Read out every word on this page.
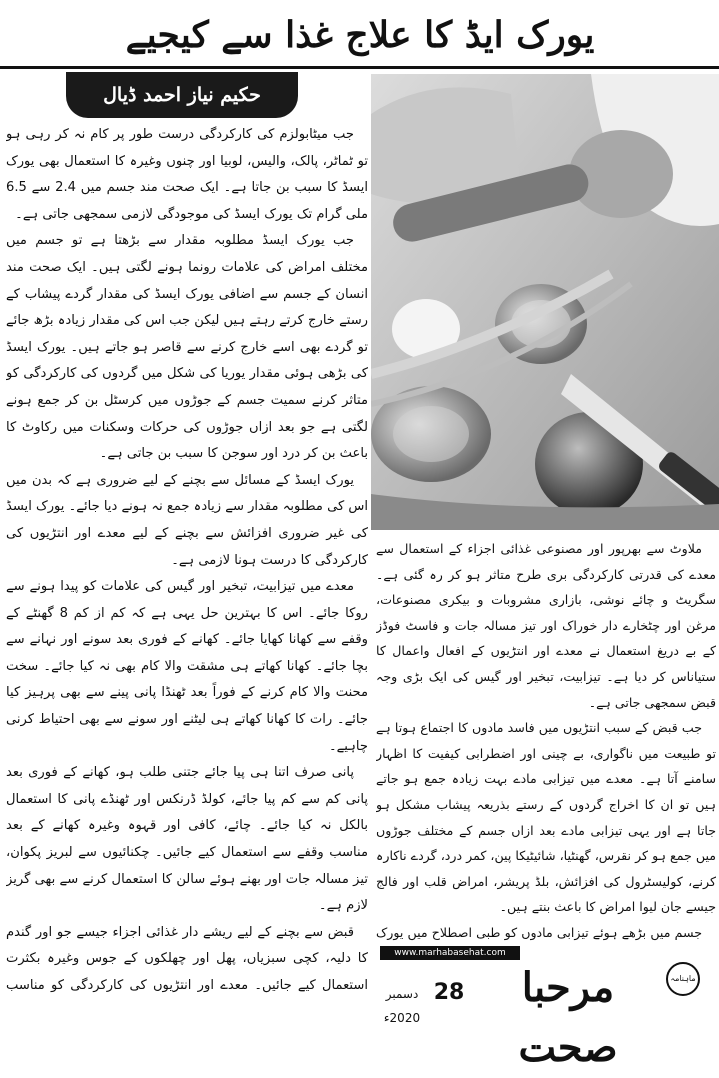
یورک ایڈ کا علاج غذا سے کیجیے
حکیم نیاز احمد ڈیال

جب میٹابولزم کی کارکردگی درست طور پر کام نہ کر رہی ہو تو ٹماٹر، پالک، والیس، لوبیا اور چنوں وغیرہ کا استعمال بھی یورک ایسڈ کا سبب بن جاتا ہے۔ ایک صحت مند جسم میں 2.4 سے 6.5 ملی گرام تک یورک ایسڈ کی موجودگی لازمی سمجھی جاتی ہے۔

جب یورک ایسڈ مطلوبہ مقدار سے بڑھتا ہے تو جسم میں مختلف امراض کی علامات رونما ہونے لگتی ہیں۔ ایک صحت مند انسان کے جسم سے اضافی یورک ایسڈ کی مقدار گردے پیشاب کے رستے خارج کرتے رہتے ہیں لیکن جب اس کی مقدار زیادہ بڑھ جائے تو گردے بھی اسے خارج کرنے سے قاصر ہو جاتے ہیں۔ یورک ایسڈ کی بڑھی ہوئی مقدار یوریا کی شکل میں گردوں کی کارکردگی کو متاثر کرنے سمیت جسم کے جوڑوں میں کرسٹل بن کر جمع ہونے لگتی ہے جو بعد ازاں جوڑوں کی حرکات وسکنات میں رکاوٹ کا باعث بن کر درد اور سوجن کا سبب بن جاتی ہے۔

یورک ایسڈ کے مسائل سے بچنے کے لیے ضروری ہے کہ بدن میں اس کی مطلوبہ مقدار سے زیادہ جمع نہ ہونے دیا جائے۔ یورک ایسڈ کی غیر ضروری افزائش سے بچنے کے لیے معدے اور انتڑیوں کی کارکردگی کا درست ہونا لازمی ہے۔

معدے میں تیزابیت، تبخیر اور گیس کی علامات کو پیدا ہونے سے روکا جائے۔ اس کا بہترین حل یہی ہے کہ کم از کم 8 گھنٹے کے وقفے سے کھانا کھایا جائے۔ کھانے کے فوری بعد سونے اور نہانے سے بچا جائے۔ کھانا کھاتے ہی مشقت والا کام بھی نہ کیا جائے۔ سخت محنت والا کام کرنے کے فوراً بعد ٹھنڈا پانی پینے سے بھی پرہیز کیا جائے۔ رات کا کھانا کھاتے ہی لیٹنے اور سونے سے بھی احتیاط کرنی چاہیے۔

پانی صرف اتنا ہی پیا جائے جتنی طلب ہو، کھانے کے فوری بعد پانی کم سے کم پیا جائے، کولڈ ڈرنکس اور ٹھنڈے پانی کا استعمال بالکل نہ کیا جائے۔ چائے، کافی اور قہوہ وغیرہ کھانے کے بعد مناسب وقفے سے استعمال کیے جائیں۔ چکنائیوں سے لبریز پکوان، تیز مسالہ جات اور بھنے ہوئے سالن کا استعمال کرنے سے بھی گریز لازم ہے۔

قبض سے بچنے کے لیے ریشے دار غذائی اجزاء جیسے جو اور گندم کا دلیہ، کچی سبزیاں، پھل اور چھلکوں کے جوس وغیرہ بکثرت استعمال کیے جائیں۔ معدے اور انتڑیوں کی کارکردگی کو مناسب

ملاوٹ سے بھرپور اور مصنوعی غذائی اجزاء کے استعمال سے معدے کی قدرتی کارکردگی بری طرح متاثر ہو کر رہ گئی ہے۔ سگریٹ و چائے نوشی، بازاری مشروبات و بیکری مصنوعات، مرغن اور چٹخارے دار خوراک اور تیز مسالہ جات و فاسٹ فوڈز کے بے دریغ استعمال نے معدے اور انتڑیوں کے افعال واعمال کا ستیاناس کر دیا ہے۔ تیزابیت، تبخیر اور گیس کی ایک بڑی وجہ قبض سمجھی جاتی ہے۔

جب قبض کے سبب انتڑیوں میں فاسد مادوں کا اجتماع ہوتا ہے تو طبیعت میں ناگواری، بے چینی اور اضطرابی کیفیت کا اظہار سامنے آتا ہے۔ معدے میں تیزابی مادے بہت زیادہ جمع ہو جاتے ہیں تو ان کا اخراج گردوں کے رستے بذریعہ پیشاب مشکل ہو جاتا ہے اور یہی تیزابی مادے بعد ازاں جسم کے مختلف جوڑوں میں جمع ہو کر نقرس، گھنٹیا، شائیٹیکا پین، کمر درد، گردے ناکارہ کرنے، کولیسٹرول کی افزائش، بلڈ پریشر، امراض قلب اور فالج جیسے جان لیوا امراض کا باعث بنتے ہیں۔

جسم میں بڑھے ہوئے تیزابی مادوں کو طبی اصطلاح میں یورک

www.marhabasehat.com
ماہنامہ
مرحبا صحت
28
دسمبر 2020ء
